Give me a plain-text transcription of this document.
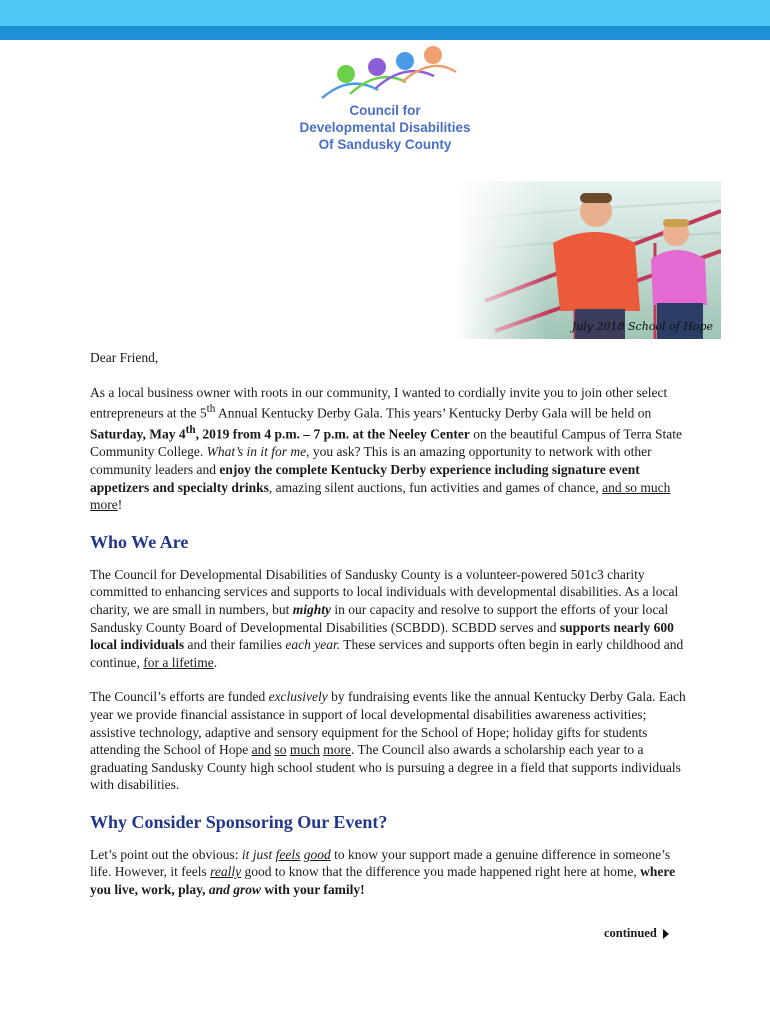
Council for
Developmental Disabilities
Of Sandusky County
July 2018 School of Hope

Dear Friend,

As a local business owner with roots in our community, I wanted to cordially invite you to join other select entrepreneurs at the 5th Annual Kentucky Derby Gala. This years’ Kentucky Derby Gala will be held on Saturday, May 4th, 2019 from 4 p.m. – 7 p.m. at the Neeley Center on the beautiful Campus of Terra State Community College. What’s in it for me, you ask? This is an amazing opportunity to network with other community leaders and enjoy the complete Kentucky Derby experience including signature event appetizers and specialty drinks, amazing silent auctions, fun activities and games of chance, and so much more!

Who We Are

The Council for Developmental Disabilities of Sandusky County is a volunteer-powered 501c3 charity committed to enhancing services and supports to local individuals with developmental disabilities. As a local charity, we are small in numbers, but mighty in our capacity and resolve to support the efforts of your local Sandusky County Board of Developmental Disabilities (SCBDD). SCBDD serves and supports nearly 600 local individuals and their families each year. These services and supports often begin in early childhood and continue, for a lifetime.

The Council’s efforts are funded exclusively by fundraising events like the annual Kentucky Derby Gala. Each year we provide financial assistance in support of local developmental disabilities awareness activities; assistive technology, adaptive and sensory equipment for the School of Hope; holiday gifts for students attending the School of Hope and so much more. The Council also awards a scholarship each year to a graduating Sandusky County high school student who is pursuing a degree in a field that supports individuals with disabilities.

Why Consider Sponsoring Our Event?

Let’s point out the obvious: it just feels good to know your support made a genuine difference in someone’s life. However, it feels really good to know that the difference you made happened right here at home, where you live, work, play, and grow with your family!

continued
